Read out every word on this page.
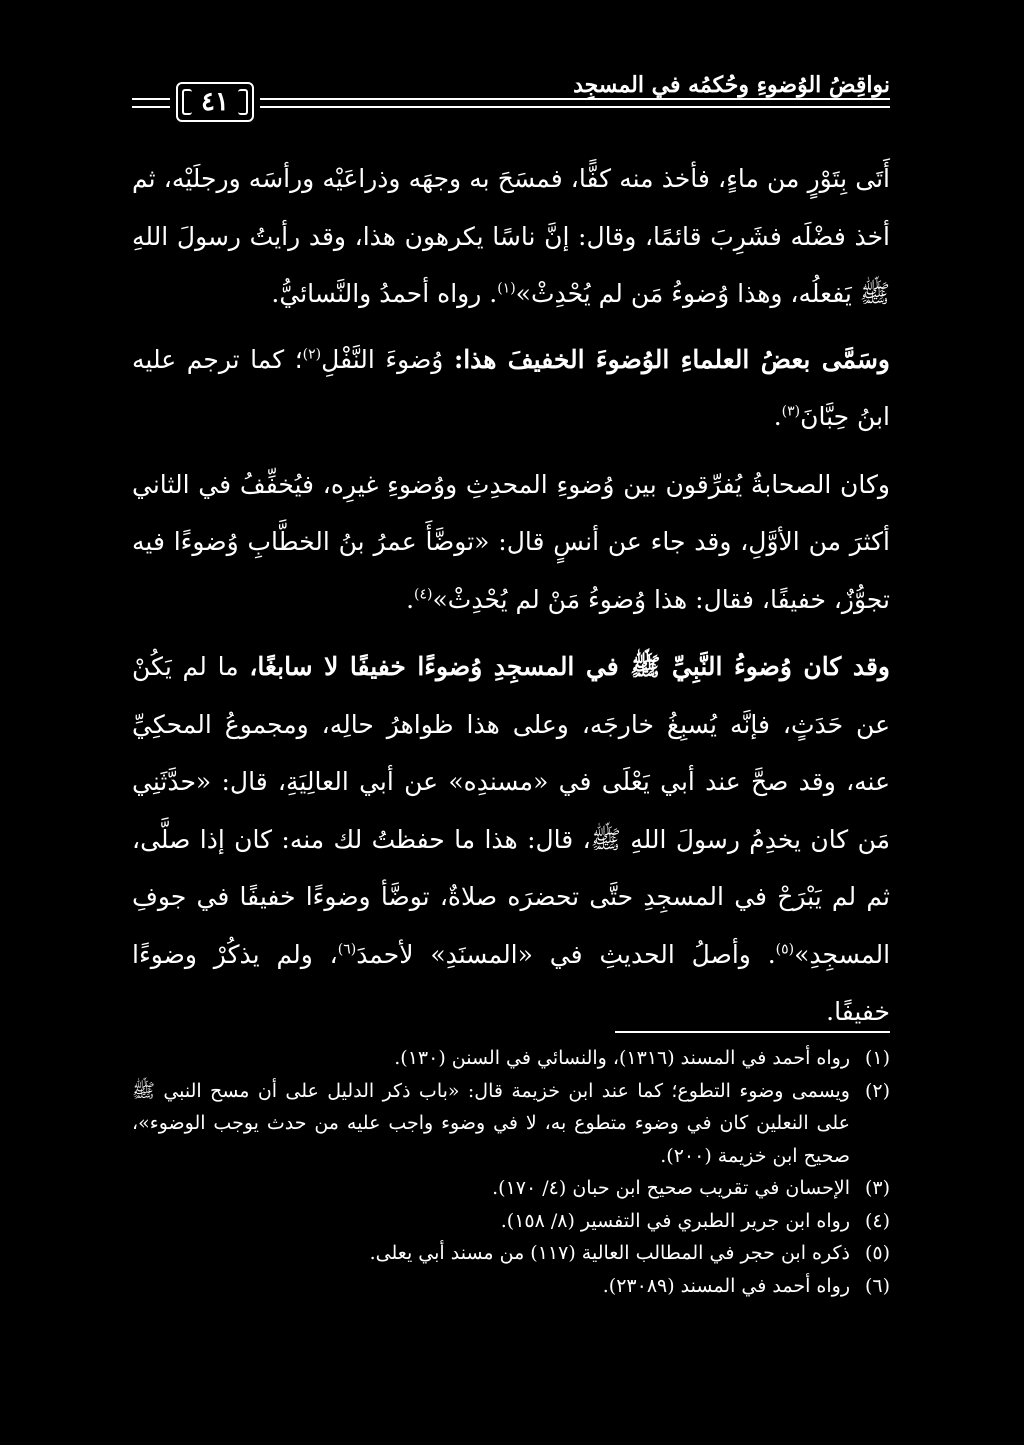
٤١
نواقِضُ الوُضوءِ وحُكمُه في المسجِد

أَتَى بِتَوْرٍ من ماءٍ، فأخذ منه كفًّا، فمسَحَ به وجهَه وذراعَيْه ورأسَه ورجلَيْه، ثم أخذ فضْلَه فشَرِبَ قائمًا، وقال: إنَّ ناسًا يكرهون هذا، وقد رأيتُ رسولَ اللهِ ﷺ يَفعلُه، وهذا وُضوءُ مَن لم يُحْدِثْ»$^{(١)}$. رواه أحمدُ والنَّسائيُّ.

وسَمَّى بعضُ العلماءِ الوُضوءَ الخفيفَ هذا: وُضوءَ النَّفْلِ$^{(٢)}$؛ كما ترجم عليه ابنُ حِبَّانَ$^{(٣)}$.

وكان الصحابةُ يُفرِّقون بين وُضوءِ المحدِثِ ووُضوءِ غيرِه، فيُخفِّفُ في الثاني أكثرَ من الأوَّلِ، وقد جاء عن أنسٍ قال: «توضَّأَ عمرُ بنُ الخطَّابِ وُضوءًا فيه تجوُّزٌ، خفيفًا، فقال: هذا وُضوءُ مَنْ لم يُحْدِثْ»$^{(٤)}$.

وقد كان وُضوءُ النَّبِيِّ ﷺ في المسجِدِ وُضوءًا خفيفًا لا سابغًا، ما لم يَكُنْ عن حَدَثٍ، فإنَّه يُسبِغُ خارجَه، وعلى هذا ظواهرُ حالِه، ومجموعُ المحكِيِّ عنه، وقد صحَّ عند أبي يَعْلَى في «مسندِه» عن أبي العالِيَةِ، قال: «حدَّثَنِي مَن كان يخدِمُ رسولَ اللهِ ﷺ، قال: هذا ما حفظتُ لك منه: كان إذا صلَّى، ثم لم يَبْرَحْ في المسجِدِ حتَّى تحضرَه صلاةٌ، توضَّأ وضوءًا خفيفًا في جوفِ المسجِدِ»$^{(٥)}$. وأصلُ الحديثِ في «المسنَدِ» لأحمدَ$^{(٦)}$، ولم يذكُرْ وضوءًا خفيفًا.

(١)
رواه أحمد في المسند (١٣١٦)، والنسائي في السنن (١٣٠).
(٢)
ويسمى وضوء التطوع؛ كما عند ابن خزيمة قال: «باب ذكر الدليل على أن مسح النبي ﷺ على النعلين كان في وضوء متطوع به، لا في وضوء واجب عليه من حدث يوجب الوضوء»، صحيح ابن خزيمة (٢٠٠).
(٣)
الإحسان في تقريب صحيح ابن حبان (٤/ ١٧٠).
(٤)
رواه ابن جرير الطبري في التفسير (٨/ ١٥٨).
(٥)
ذكره ابن حجر في المطالب العالية (١١٧) من مسند أبي يعلى.
(٦)
رواه أحمد في المسند (٢٣٠٨٩).
